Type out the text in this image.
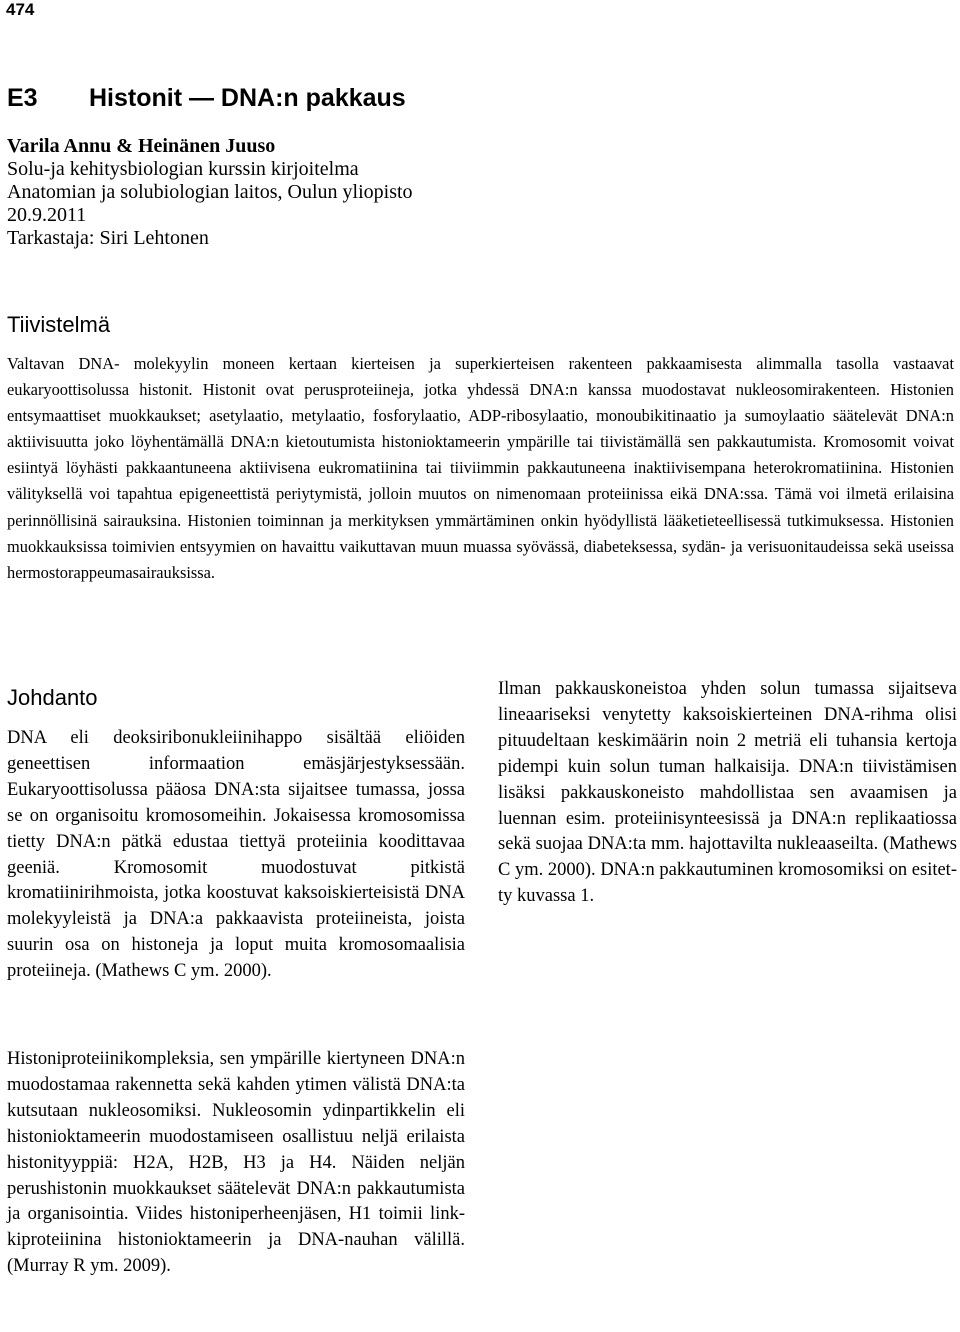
474
E3 Histonit — DNA:n pakkaus
Varila Annu & Heinänen Juuso
Solu-ja kehitysbiologian kurssin kirjoitelma
Anatomian ja solubiologian laitos, Oulun yliopisto
20.9.2011
Tarkastaja: Siri Lehtonen
Tiivistelmä

Valtavan DNA- molekyylin moneen kertaan kierteisen ja superkierteisen rakenteen pakkaamisesta alimmalla tasolla vastaavat eukaryoottisolussa histonit. Histonit ovat perusproteiineja, jotka yhdessä DNA:n kanssa muodostavat nukleosomirakenteen. Histonien entsymaattiset muokkaukset; asetylaatio, metylaatio, fosforylaatio, ADP-ribosylaatio, monoubikitinaatio ja sumoylaatio säätelevät DNA:n aktiivisuutta joko löyhentämällä DNA:n kietoutumista histonioktameerin ympärille tai tiivistämällä sen pakkautumista. Kromosomit voivat esiintyä löyhästi pakkaantuneena aktiivisena eukromatiinina tai tiiviimmin pakkautuneena inaktiivisempana heterokromatiinina. Histonien välityksellä voi tapahtua epigeneettistä periytymistä, jolloin muutos on nimenomaan proteiinissa eikä DNA:ssa. Tämä voi ilmetä erilaisina perinnöllisinä sairauksina. Histonien toiminnan ja merkityksen ymmärtäminen onkin hyödyllistä lääketieteellisessä tutkimuksessa. Histonien muokkauksissa toimivien entsyymien on havaittu vaikuttavan muun muassa syövässä, diabeteksessa, sydän- ja verisuonitaudeissa sekä useissa hermostorappeumasairauksissa.

Johdanto

DNA eli deoksiribonukleiinihappo sisältää eliöiden geneettisen informaation emäsjärjestyksessään. Eukaryoottisolussa pääosa DNA:sta sijaitsee tumassa, jossa se on organisoitu kromosomeihin. Jokaisessa kromosomissa tietty DNA:n pätkä edustaa tiettyä proteiinia koodittavaa geeniä. Kromosomit muodostuvat pitkistä kromatiinirihmoista, jotka koostuvat kaksoiskierteisistä DNA molekyyleistä ja DNA:a pakkaavista proteiineista, joista suurin osa on histoneja ja loput muita kromosomaalisia proteiineja. (Mathews C ym. 2000).

Histoniproteiinikompleksia, sen ympärille kiertyneen DNA:n muodostamaa rakennetta sekä kahden ytimen välistä DNA:ta kutsutaan nukleosomiksi. Nukleosomin ydinpartikkelin eli histonioktameerin muodostamiseen osallistuu neljä erilaista histonityyppiä: H2A, H2B, H3 ja H4. Näiden neljän perushistonin muokkaukset säätelevät DNA:n pakkautumista ja organisointia. Viides histoniperheenjäsen, H1 toimii linkkiproteiinina histonioktameerin ja DNA-nauhan välillä. (Murray R ym. 2009).

Ilman pakkauskoneistoa yhden solun tumassa sijaitseva lineaariseksi venytetty kaksoiskierteinen DNA-rihma olisi pituudeltaan keskimäärin noin 2 metriä eli tuhansia kertoja pidempi kuin solun tuman halkaisija. DNA:n tiivistämisen lisäksi pakkauskoneisto mahdollistaa sen avaamisen ja luennan esim. proteiinisynteesissä ja DNA:n replikaatiossa sekä suojaa DNA:ta mm. hajottavilta nukleaaseilta. (Mathews C ym. 2000). DNA:n pakkautuminen kromosomiksi on esitetty kuvassa 1.
